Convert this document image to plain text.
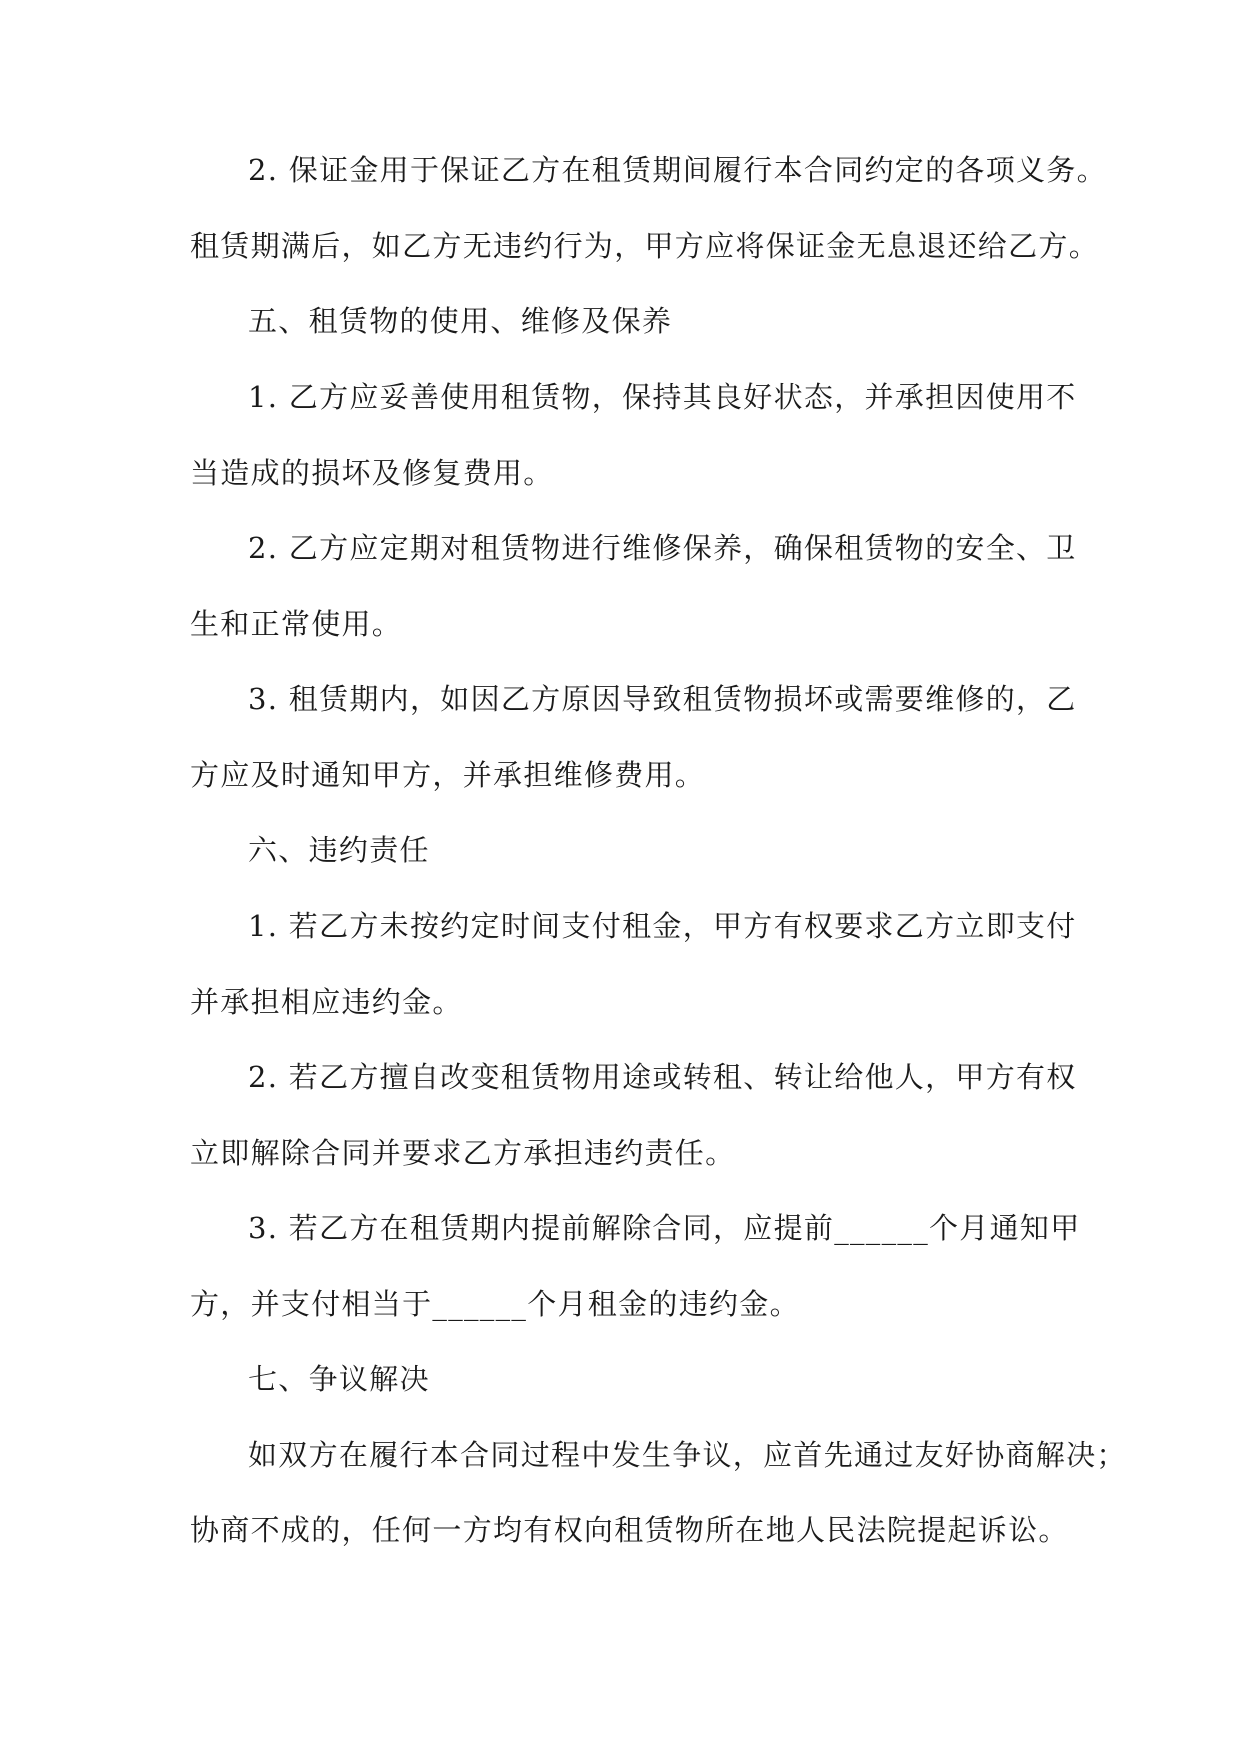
2. 保证金用于保证乙方在租赁期间履行本合同约定的各项义务。
租赁期满后，如乙方无违约行为，甲方应将保证金无息退还给乙方。
五、租赁物的使用、维修及保养
1. 乙方应妥善使用租赁物，保持其良好状态，并承担因使用不
当造成的损坏及修复费用。
2. 乙方应定期对租赁物进行维修保养，确保租赁物的安全、卫
生和正常使用。
3. 租赁期内，如因乙方原因导致租赁物损坏或需要维修的，乙
方应及时通知甲方，并承担维修费用。
六、违约责任
1. 若乙方未按约定时间支付租金，甲方有权要求乙方立即支付
并承担相应违约金。
2. 若乙方擅自改变租赁物用途或转租、转让给他人，甲方有权
立即解除合同并要求乙方承担违约责任。
3. 若乙方在租赁期内提前解除合同，应提前______个月通知甲
方，并支付相当于______个月租金的违约金。
七、争议解决
如双方在履行本合同过程中发生争议，应首先通过友好协商解决；
协商不成的，任何一方均有权向租赁物所在地人民法院提起诉讼。
